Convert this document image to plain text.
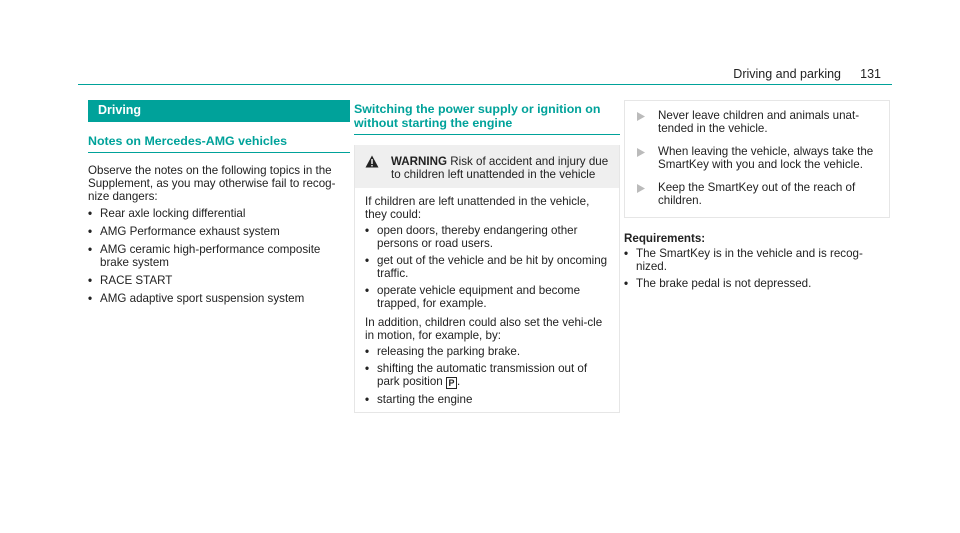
Driving and parking 131
Driving
Notes on Mercedes-AMG vehicles

Observe the notes on the following topics in the Supplement, as you may otherwise fail to recog-nize dangers:

• Rear axle locking differential
• AMG Performance exhaust system
• AMG ceramic high-performance composite brake system
• RACE START
• AMG adaptive sport suspension system
Switching the power supply or ignition on without starting the engine
WARNING Risk of accident and injury due to children left unattended in the vehicle

If children are left unattended in the vehicle, they could:

• open doors, thereby endangering other persons or road users.
• get out of the vehicle and be hit by oncoming traffic.
• operate vehicle equipment and become trapped, for example.

In addition, children could also set the vehi-cle in motion, for example, by:

• releasing the parking brake.
• shifting the automatic transmission out of park position P .
• starting the engine
Never leave children and animals unat-tended in the vehicle.
When leaving the vehicle, always take the SmartKey with you and lock the vehicle.
Keep the SmartKey out of the reach of children.
Requirements:
• The SmartKey is in the vehicle and is recog-nized.
• The brake pedal is not depressed.
